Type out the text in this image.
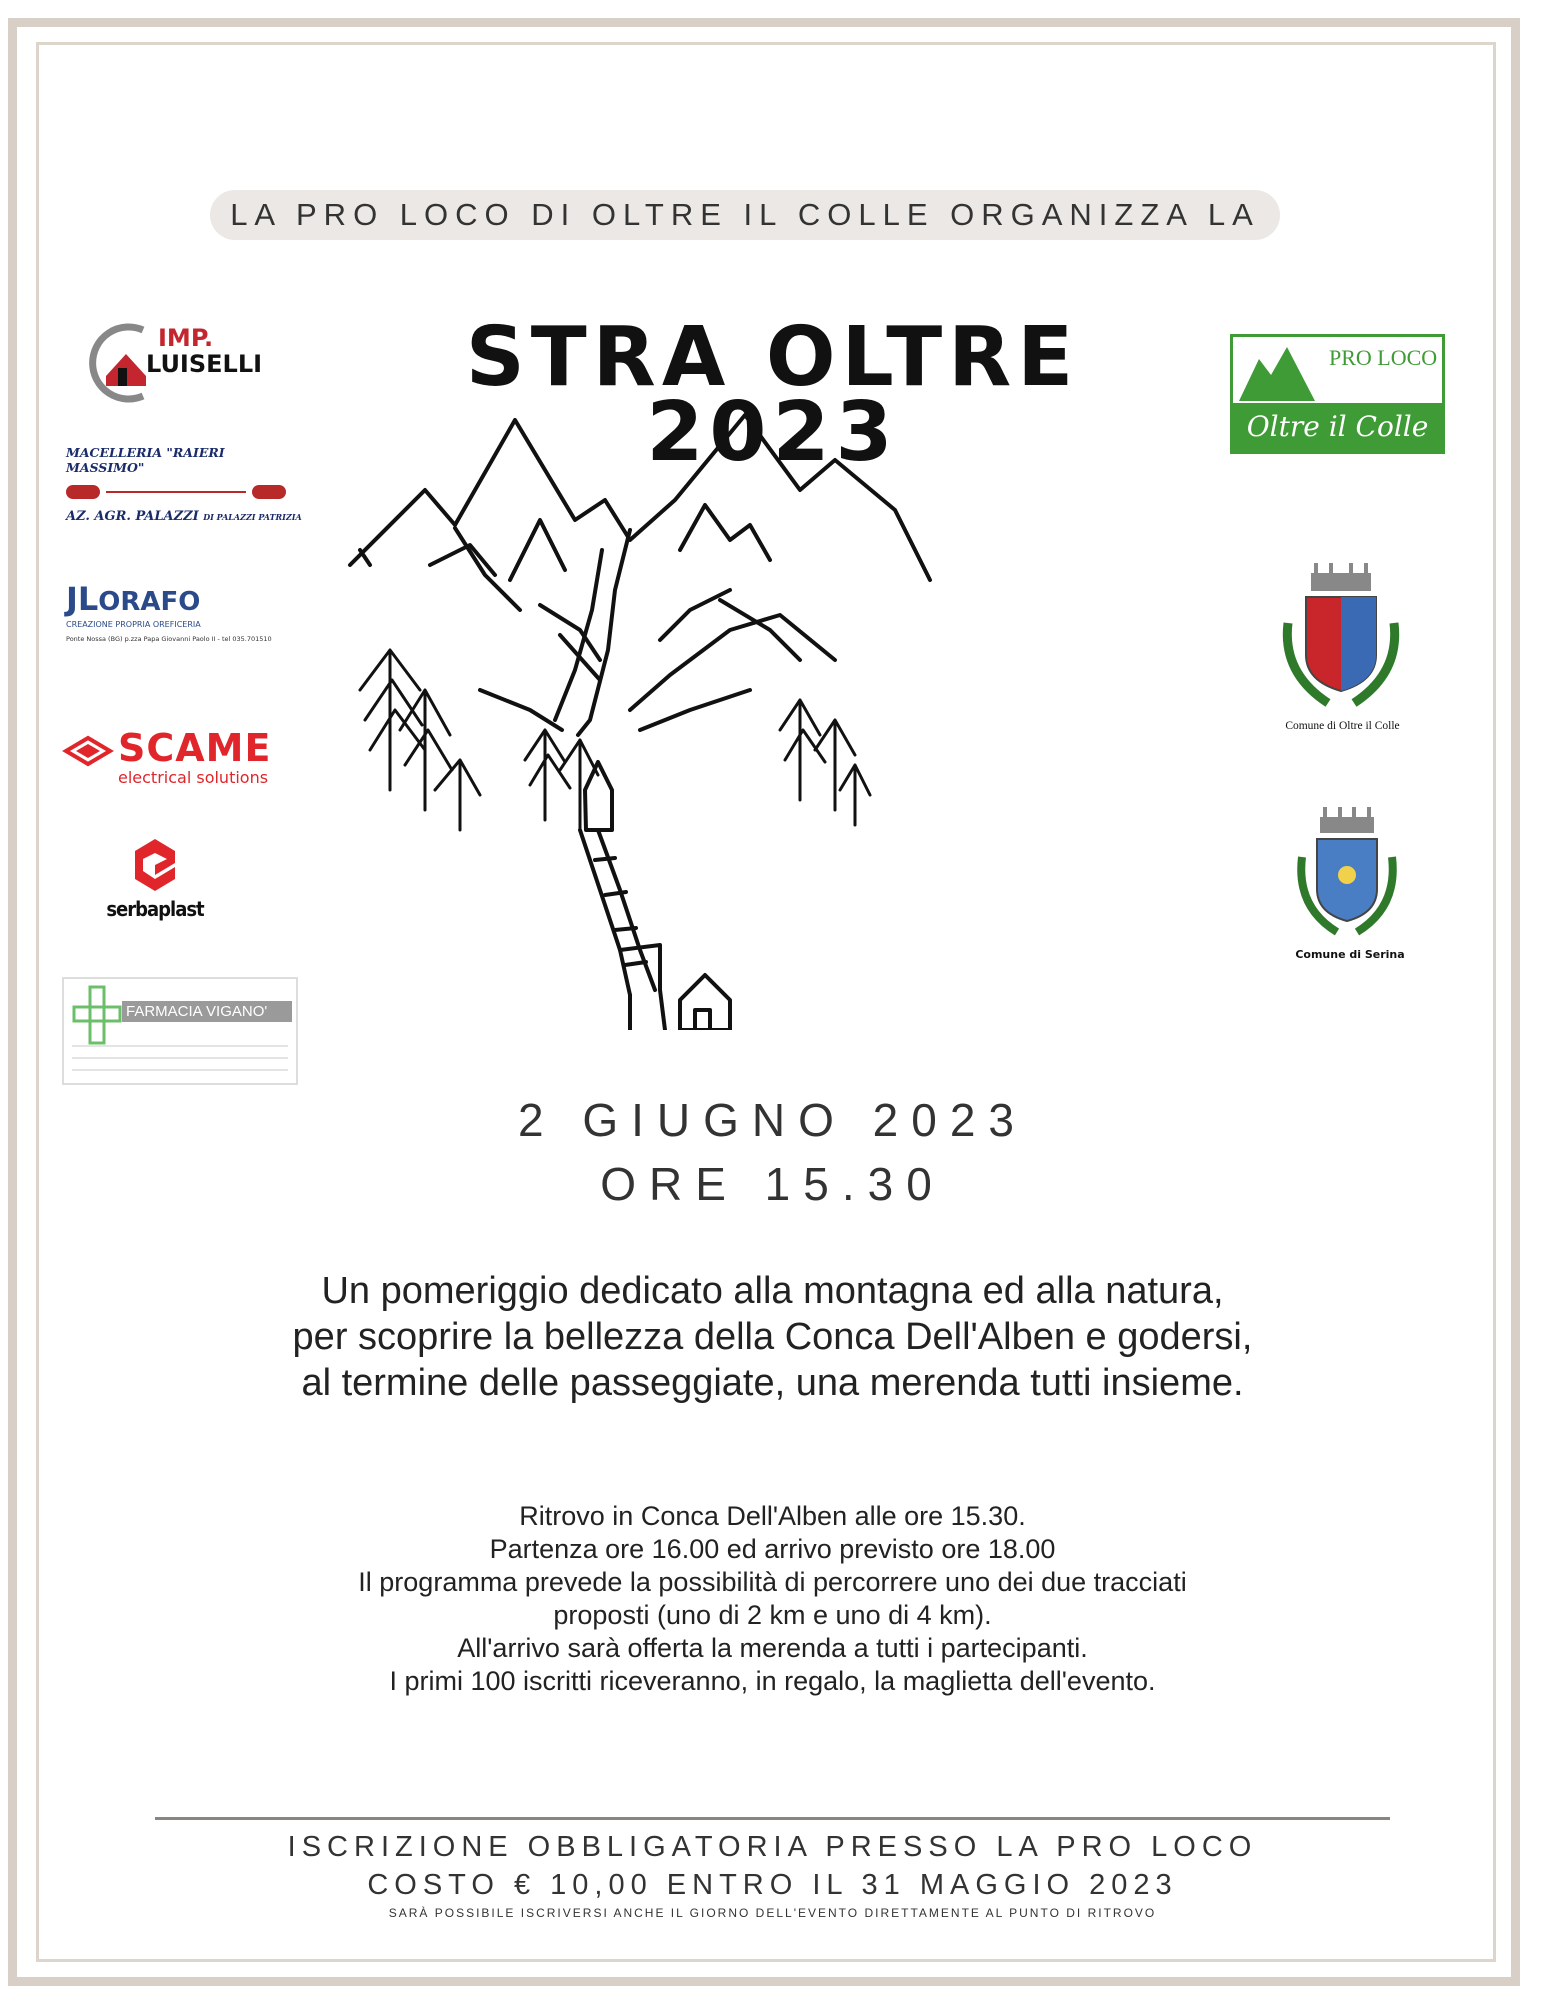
LA PRO LOCO DI OLTRE IL COLLE ORGANIZZA LA
STRA OLTRE
2023
2 GIUGNO 2023
ORE 15.30
Un pomeriggio dedicato alla montagna ed alla natura,
per scoprire la bellezza della Conca Dell'Alben e godersi,
al termine delle passeggiate, una merenda tutti insieme.
Ritrovo in Conca Dell'Alben alle ore 15.30.
Partenza ore 16.00 ed arrivo previsto ore 18.00
Il programma prevede la possibilità di percorrere uno dei due tracciati
proposti (uno di 2 km e uno di 4 km).
All'arrivo sarà offerta la merenda a tutti i partecipanti.
I primi 100 iscritti riceveranno, in regalo, la maglietta dell'evento.
ISCRIZIONE OBBLIGATORIA PRESSO LA PRO LOCO
COSTO € 10,00 ENTRO IL 31 MAGGIO 2023
SARÀ POSSIBILE ISCRIVERSI ANCHE IL GIORNO DELL'EVENTO DIRETTAMENTE AL PUNTO DI RITROVO
IMP.
LUISELLI
MACELLERIA "RAIERI MASSIMO"
AZ. AGR. PALAZZI DI PALAZZI PATRIZIA
JLORAFO
CREAZIONE PROPRIA OREFICERIA
Ponte Nossa (BG) p.zza Papa Giovanni Paolo II - tel 035.701510
SCAME
electrical solutions
serbaplast
FARMACIA VIGANO'
PRO LOCO
Oltre il Colle
Comune di Oltre il Colle
Comune di Serina
